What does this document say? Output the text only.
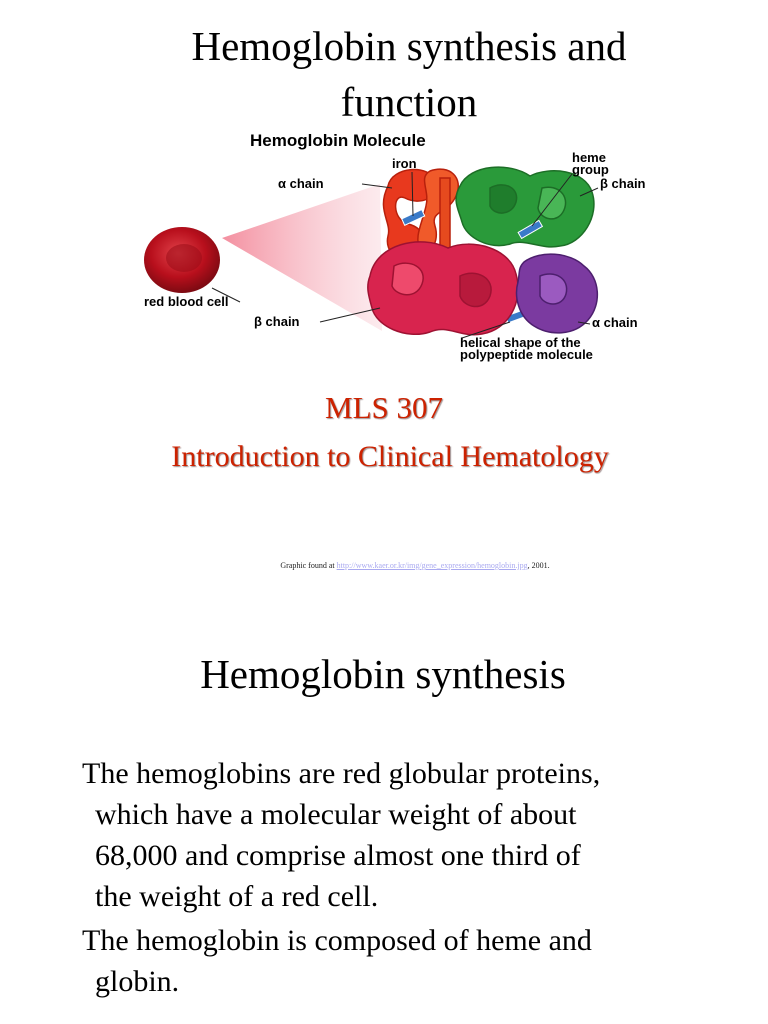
Hemoglobin synthesis and
function
Hemoglobin Molecule
α chain
iron	heme
group
β chain
red blood cell
β chain	α chain
helical shape of the
polypeptide molecule
MLS 307
Introduction to Clinical Hematology
Graphic found at http://www.kaer.or.kr/img/gene_expression/hemoglobin.jpg, 2001.
Hemoglobin synthesis

The hemoglobins are red globular proteins,
which have a molecular weight of about
68,000 and comprise almost one third of
the weight of a red cell.

The hemoglobin is composed of heme and
globin.
